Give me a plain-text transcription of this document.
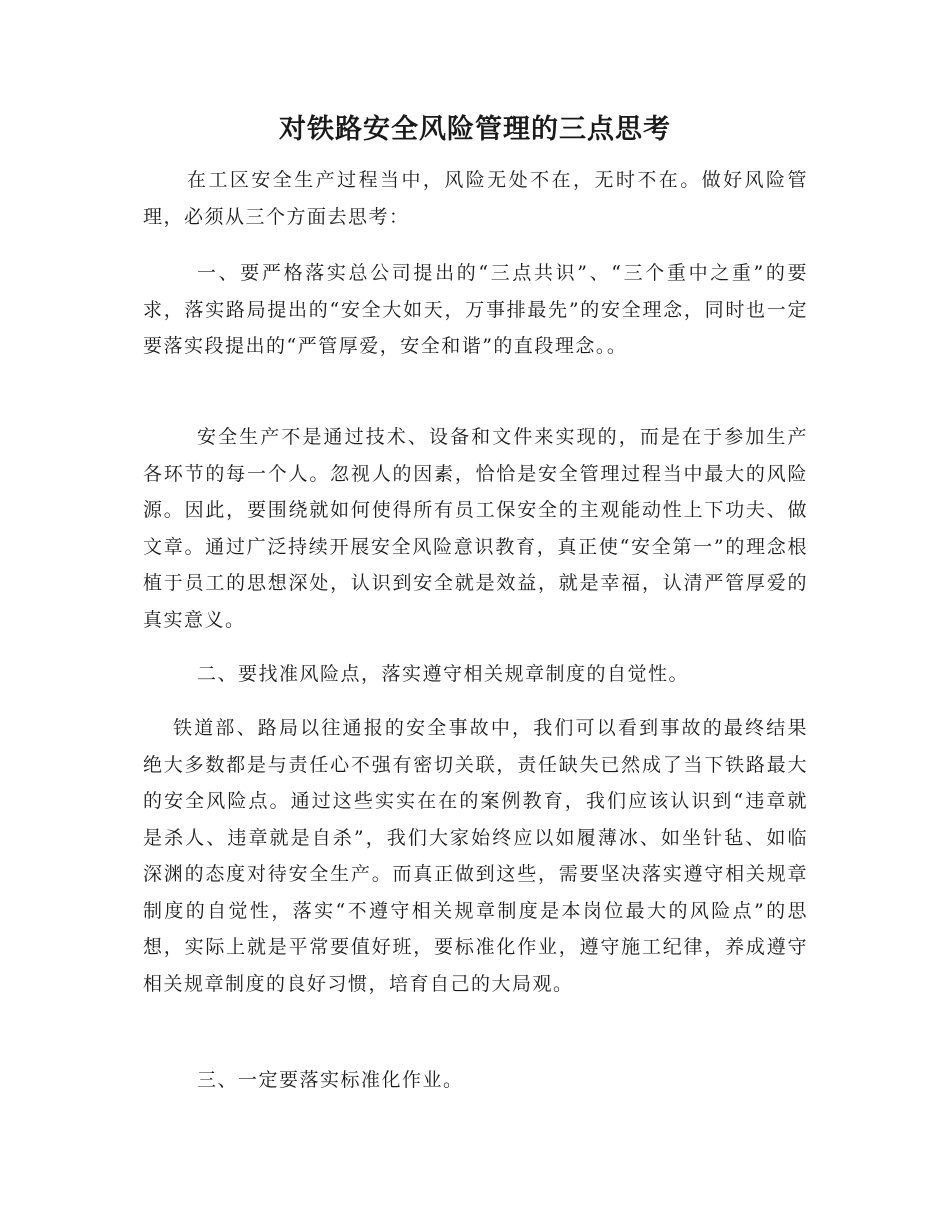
对铁路安全风险管理的三点思考

在工区安全生产过程当中，风险无处不在，无时不在。做好风险管理，必须从三个方面去思考：

一、要严格落实总公司提出的“三点共识”、“三个重中之重”的要求，落实路局提出的“安全大如天，万事排最先”的安全理念，同时也一定要落实段提出的“严管厚爱，安全和谐”的直段理念。。

安全生产不是通过技术、设备和文件来实现的，而是在于参加生产各环节的每一个人。忽视人的因素，恰恰是安全管理过程当中最大的风险源。因此，要围绕就如何使得所有员工保安全的主观能动性上下功夫、做文章。通过广泛持续开展安全风险意识教育，真正使“安全第一”的理念根植于员工的思想深处，认识到安全就是效益，就是幸福，认清严管厚爱的真实意义。

二、要找准风险点，落实遵守相关规章制度的自觉性。

铁道部、路局以往通报的安全事故中，我们可以看到事故的最终结果绝大多数都是与责任心不强有密切关联，责任缺失已然成了当下铁路最大的安全风险点。通过这些实实在在的案例教育，我们应该认识到“违章就是杀人、违章就是自杀”，我们大家始终应以如履薄冰、如坐针毡、如临深渊的态度对待安全生产。而真正做到这些，需要坚决落实遵守相关规章制度的自觉性，落实“不遵守相关规章制度是本岗位最大的风险点”的思想，实际上就是平常要值好班，要标准化作业，遵守施工纪律，养成遵守相关规章制度的良好习惯，培育自己的大局观。

三、一定要落实标准化作业。
